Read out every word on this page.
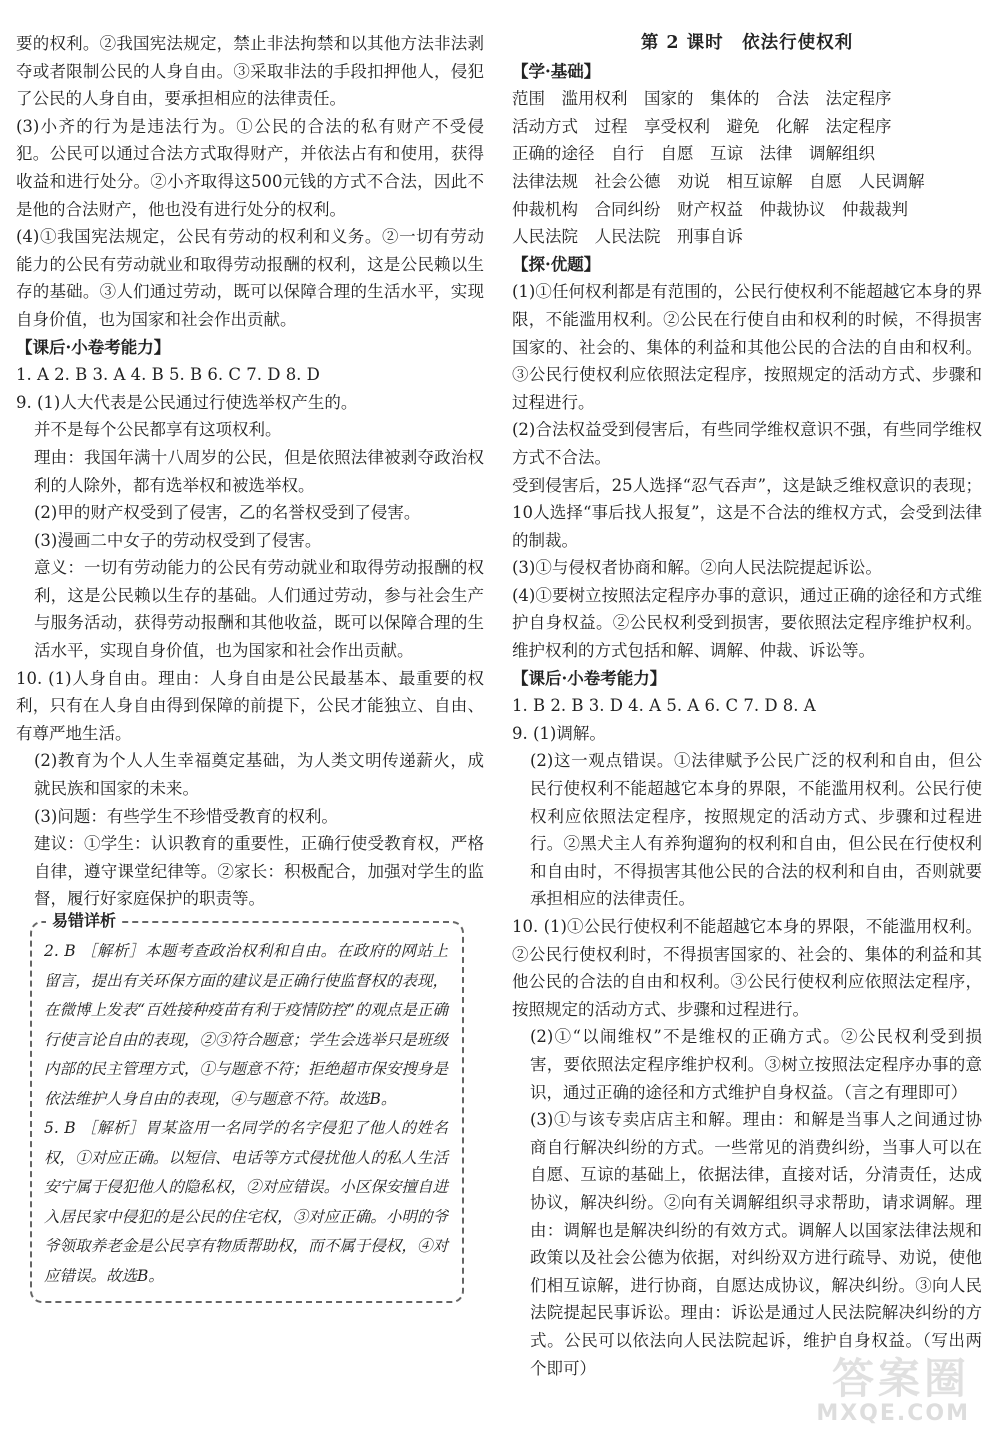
要的权利。②我国宪法规定，禁止非法拘禁和以其他方法非法剥夺或者限制公民的人身自由。③采取非法的手段扣押他人，侵犯了公民的人身自由，要承担相应的法律责任。

(3)小齐的行为是违法行为。①公民的合法的私有财产不受侵犯。公民可以通过合法方式取得财产，并依法占有和使用，获得收益和进行处分。②小齐取得这500元钱的方式不合法，因此不是他的合法财产，他也没有进行处分的权利。

(4)①我国宪法规定，公民有劳动的权利和义务。②一切有劳动能力的公民有劳动就业和取得劳动报酬的权利，这是公民赖以生存的基础。③人们通过劳动，既可以保障合理的生活水平，实现自身价值，也为国家和社会作出贡献。

【课后·小卷考能力】

1. A 2. B 3. A 4. B 5. B 6. C 7. D 8. D

9. (1)人大代表是公民通过行使选举权产生的。

并不是每个公民都享有这项权利。

理由：我国年满十八周岁的公民，但是依照法律被剥夺政治权利的人除外，都有选举权和被选举权。

(2)甲的财产权受到了侵害，乙的名誉权受到了侵害。

(3)漫画二中女子的劳动权受到了侵害。

意义：一切有劳动能力的公民有劳动就业和取得劳动报酬的权利，这是公民赖以生存的基础。人们通过劳动，参与社会生产与服务活动，获得劳动报酬和其他收益，既可以保障合理的生活水平，实现自身价值，也为国家和社会作出贡献。

10. (1)人身自由。理由：人身自由是公民最基本、最重要的权利，只有在人身自由得到保障的前提下，公民才能独立、自由、有尊严地生活。

(2)教育为个人人生幸福奠定基础，为人类文明传递薪火，成就民族和国家的未来。

(3)问题：有些学生不珍惜受教育的权利。

建议：①学生：认识教育的重要性，正确行使受教育权，严格自律，遵守课堂纪律等。②家长：积极配合，加强对学生的监督，履行好家庭保护的职责等。

易错详析

2. B ［解析］本题考查政治权利和自由。在政府的网站上留言，提出有关环保方面的建议是正确行使监督权的表现，在微博上发表“百姓接种疫苗有利于疫情防控”的观点是正确行使言论自由的表现，②③符合题意；学生会选举只是班级内部的民主管理方式，①与题意不符；拒绝超市保安搜身是依法维护人身自由的表现，④与题意不符。故选B。

5. B ［解析］胃某盗用一名同学的名字侵犯了他人的姓名权，①对应正确。以短信、电话等方式侵扰他人的私人生活安宁属于侵犯他人的隐私权，②对应错误。小区保安擅自进入居民家中侵犯的是公民的住宅权，③对应正确。小明的爷爷领取养老金是公民享有物质帮助权，而不属于侵权，④对应错误。故选B。

第 2 课时　依法行使权利

【学·基础】

范围　滥用权利　国家的　集体的　合法　法定程序

活动方式　过程　享受权利　避免　化解　法定程序

正确的途径　自行　自愿　互谅　法律　调解组织

法律法规　社会公德　劝说　相互谅解　自愿　人民调解

仲裁机构　合同纠纷　财产权益　仲裁协议　仲裁裁判

人民法院　人民法院　刑事自诉

【探·优题】

(1)①任何权利都是有范围的，公民行使权利不能超越它本身的界限，不能滥用权利。②公民在行使自由和权利的时候，不得损害国家的、社会的、集体的利益和其他公民的合法的自由和权利。③公民行使权利应依照法定程序，按照规定的活动方式、步骤和过程进行。

(2)合法权益受到侵害后，有些同学维权意识不强，有些同学维权方式不合法。

受到侵害后，25人选择“忍气吞声”，这是缺乏维权意识的表现；10人选择“事后找人报复”，这是不合法的维权方式，会受到法律的制裁。

(3)①与侵权者协商和解。②向人民法院提起诉讼。

(4)①要树立按照法定程序办事的意识，通过正确的途径和方式维护自身权益。②公民权利受到损害，要依照法定程序维护权利。维护权利的方式包括和解、调解、仲裁、诉讼等。

【课后·小卷考能力】

1. B 2. B 3. D 4. A 5. A 6. C 7. D 8. A

9. (1)调解。

(2)这一观点错误。①法律赋予公民广泛的权利和自由，但公民行使权利不能超越它本身的界限，不能滥用权利。公民行使权利应依照法定程序，按照规定的活动方式、步骤和过程进行。②黑犬主人有养狗遛狗的权利和自由，但公民在行使权利和自由时，不得损害其他公民的合法的权利和自由，否则就要承担相应的法律责任。

10. (1)①公民行使权利不能超越它本身的界限，不能滥用权利。②公民行使权利时，不得损害国家的、社会的、集体的利益和其他公民的合法的自由和权利。③公民行使权利应依照法定程序，按照规定的活动方式、步骤和过程进行。

(2)①“以闹维权”不是维权的正确方式。②公民权利受到损害，要依照法定程序维护权利。③树立按照法定程序办事的意识，通过正确的途径和方式维护自身权益。（言之有理即可）

(3)①与该专卖店店主和解。理由：和解是当事人之间通过协商自行解决纠纷的方式。一些常见的消费纠纷，当事人可以在自愿、互谅的基础上，依据法律，直接对话，分清责任，达成协议，解决纠纷。②向有关调解组织寻求帮助，请求调解。理由：调解也是解决纠纷的有效方式。调解人以国家法律法规和政策以及社会公德为依据，对纠纷双方进行疏导、劝说，使他们相互谅解，进行协商，自愿达成协议，解决纠纷。③向人民法院提起民事诉讼。理由：诉讼是通过人民法院解决纠纷的方式。公民可以依法向人民法院起诉，维护自身权益。（写出两个即可）	答案圈
MXQE.COM
